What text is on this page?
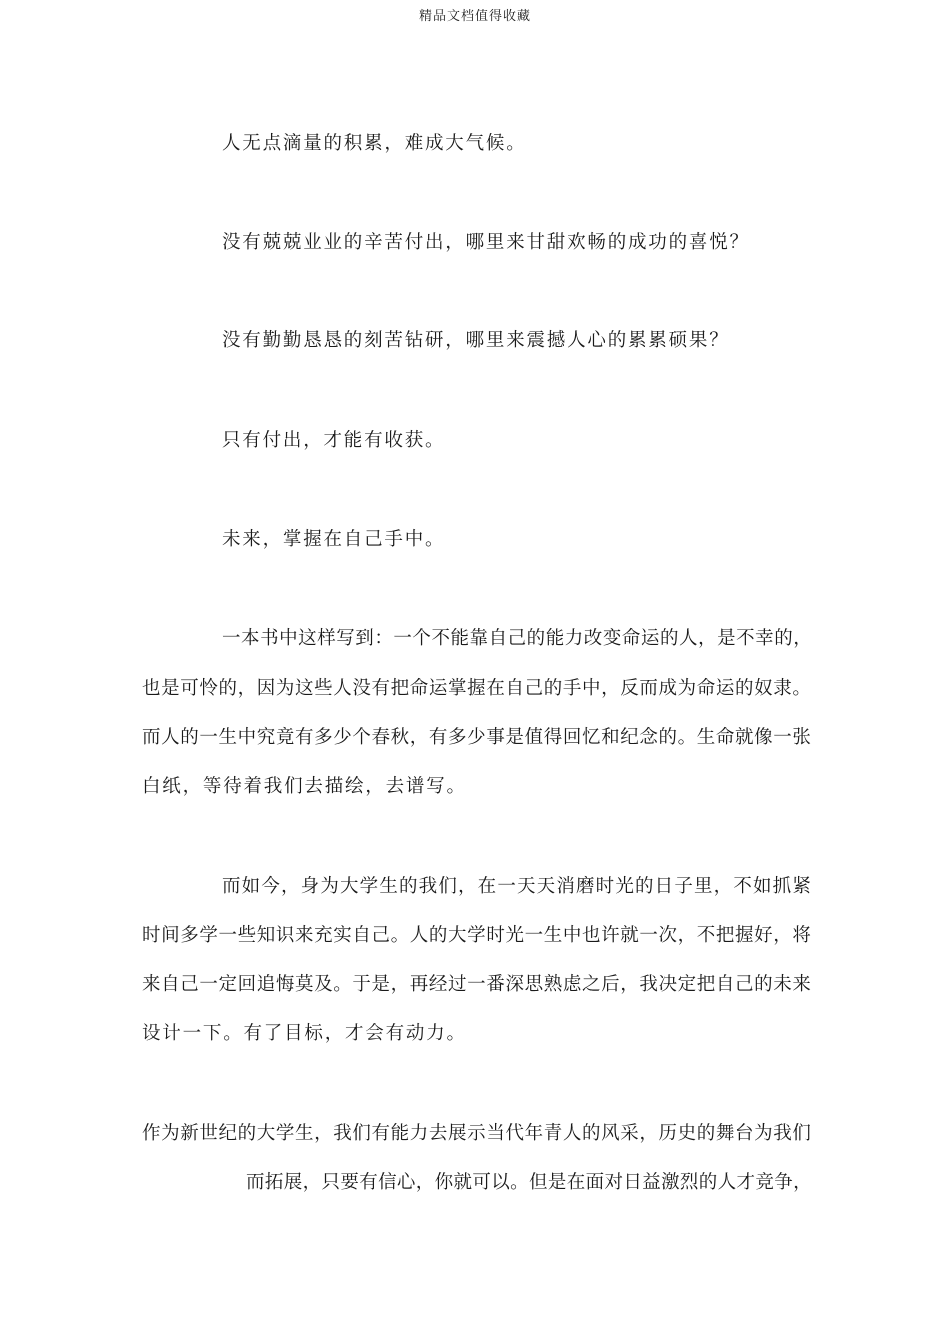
精品文档值得收藏
人无点滴量的积累，难成大气候。
没有兢兢业业的辛苦付出，哪里来甘甜欢畅的成功的喜悦？
没有勤勤恳恳的刻苦钻研，哪里来震撼人心的累累硕果？
只有付出，才能有收获。
未来，掌握在自己手中。
一本书中这样写到：一个不能靠自己的能力改变命运的人，是不幸的，
也是可怜的，因为这些人没有把命运掌握在自己的手中，反而成为命运的奴隶。
而人的一生中究竟有多少个春秋，有多少事是值得回忆和纪念的。生命就像一张
白纸，等待着我们去描绘，去谱写。
而如今，身为大学生的我们，在一天天消磨时光的日子里，不如抓紧
时间多学一些知识来充实自己。人的大学时光一生中也许就一次，不把握好，将
来自己一定回追悔莫及。于是，再经过一番深思熟虑之后，我决定把自己的未来
设计一下。有了目标，才会有动力。
作为新世纪的大学生，我们有能力去展示当代年青人的风采，历史的舞台为我们
而拓展，只要有信心，你就可以。但是在面对日益激烈的人才竞争，
